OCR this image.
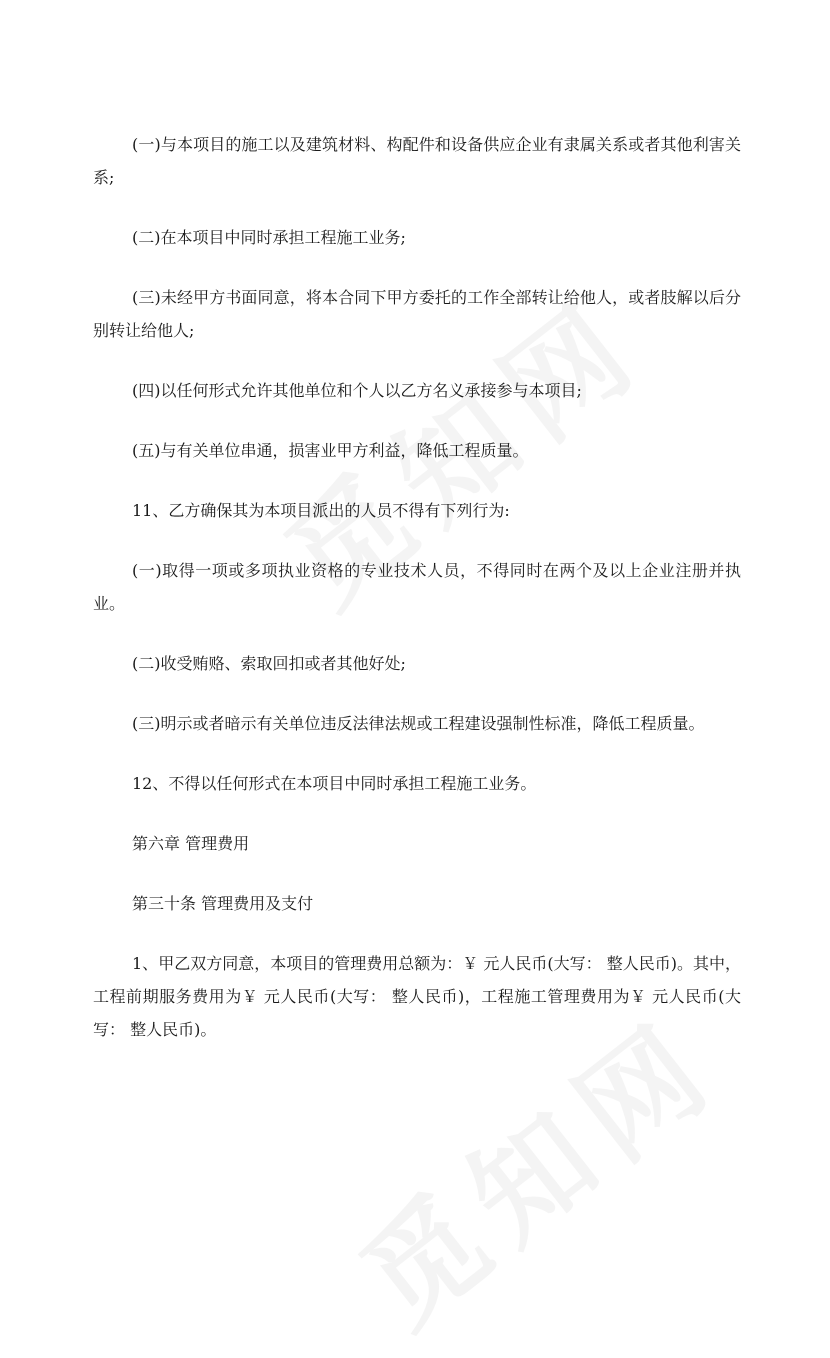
(一)与本项目的施工以及建筑材料、构配件和设备供应企业有隶属关系或者其他利害关系;

(二)在本项目中同时承担工程施工业务;

(三)未经甲方书面同意，将本合同下甲方委托的工作全部转让给他人，或者肢解以后分别转让给他人;

(四)以任何形式允许其他单位和个人以乙方名义承接参与本项目;

(五)与有关单位串通，损害业甲方利益，降低工程质量。

11、乙方确保其为本项目派出的人员不得有下列行为:

(一)取得一项或多项执业资格的专业技术人员，不得同时在两个及以上企业注册并执业。

(二)收受贿赂、索取回扣或者其他好处;

(三)明示或者暗示有关单位违反法律法规或工程建设强制性标准，降低工程质量。

12、不得以任何形式在本项目中同时承担工程施工业务。

第六章 管理费用

第三十条 管理费用及支付

1、甲乙双方同意，本项目的管理费用总额为：￥ 元人民币(大写： 整人民币)。其中，工程前期服务费用为￥ 元人民币(大写： 整人民币)，工程施工管理费用为￥ 元人民币(大写： 整人民币)。
